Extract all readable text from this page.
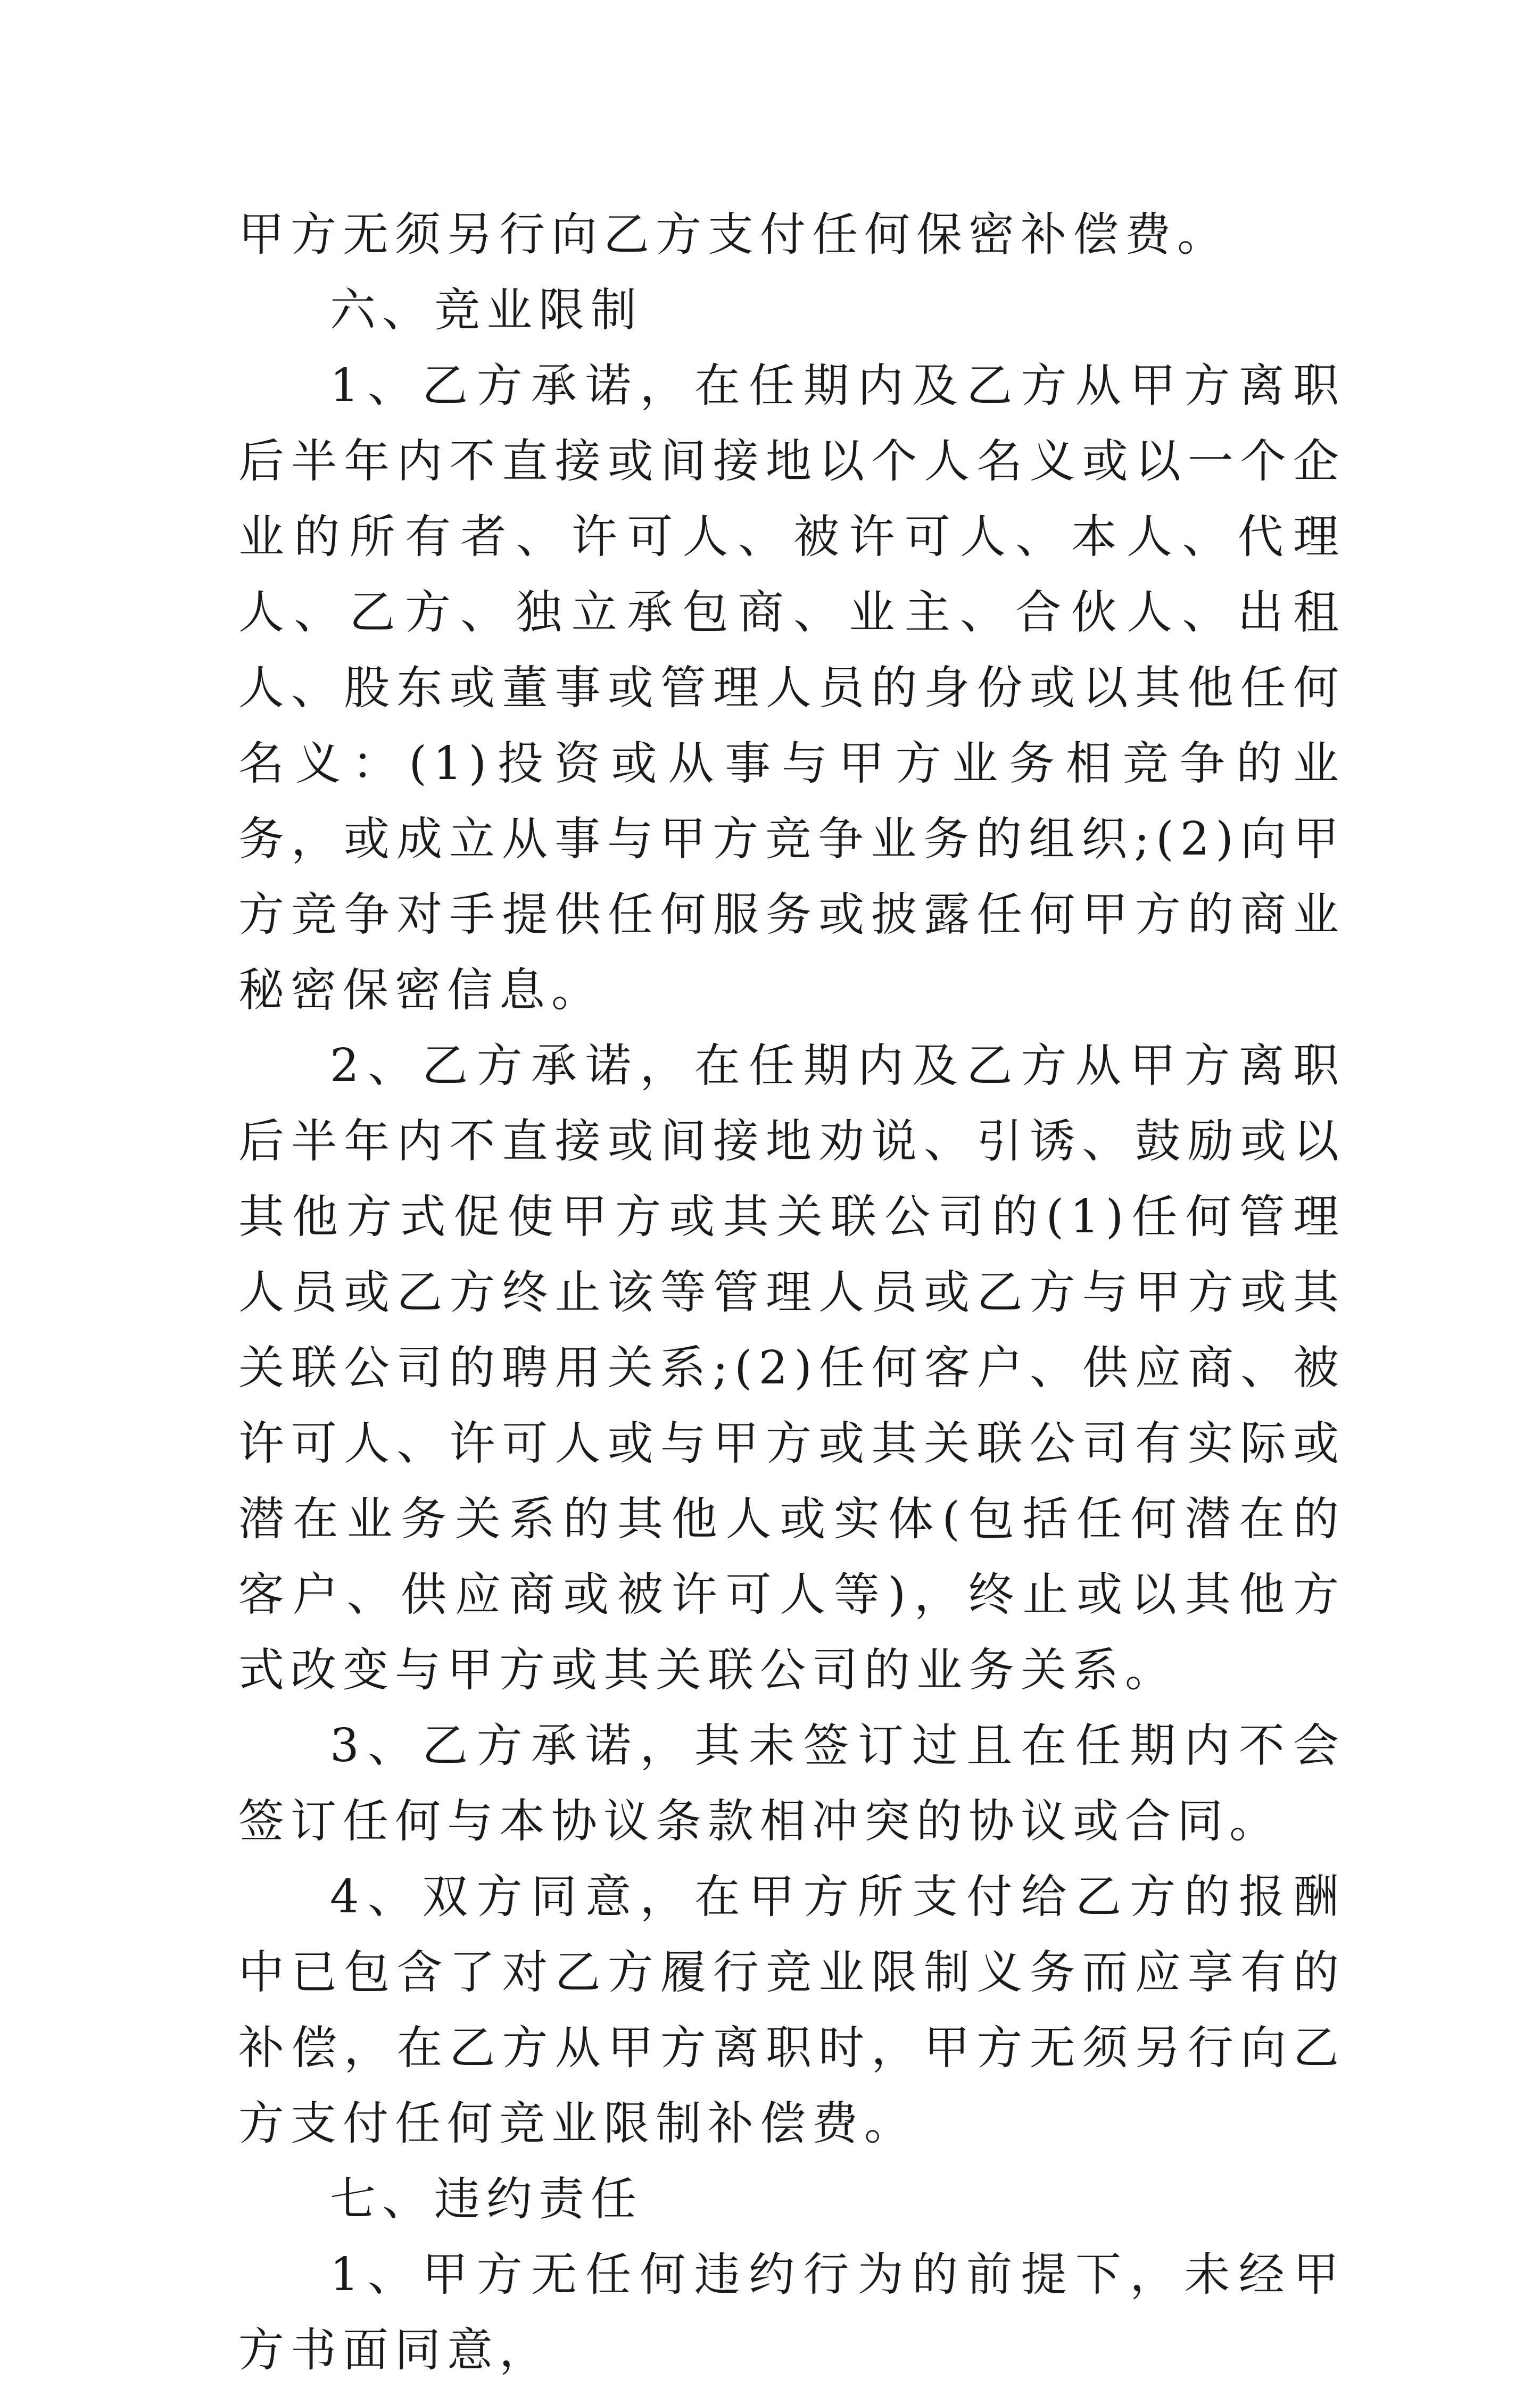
甲方无须另行向乙方支付任何保密补偿费。

六、竞业限制

1、乙方承诺，在任期内及乙方从甲方离职后半年内不直接或间接地以个人名义或以一个企业的所有者、许可人、被许可人、本人、代理人、乙方、独立承包商、业主、合伙人、出租人、股东或董事或管理人员的身份或以其他任何名义：(1)投资或从事与甲方业务相竞争的业务，或成立从事与甲方竞争业务的组织;(2)向甲方竞争对手提供任何服务或披露任何甲方的商业秘密保密信息。

2、乙方承诺，在任期内及乙方从甲方离职后半年内不直接或间接地劝说、引诱、鼓励或以其他方式促使甲方或其关联公司的(1)任何管理人员或乙方终止该等管理人员或乙方与甲方或其关联公司的聘用关系;(2)任何客户、供应商、被许可人、许可人或与甲方或其关联公司有实际或潜在业务关系的其他人或实体(包括任何潜在的客户、供应商或被许可人等)，终止或以其他方式改变与甲方或其关联公司的业务关系。

3、乙方承诺，其未签订过且在任期内不会签订任何与本协议条款相冲突的协议或合同。

4、双方同意，在甲方所支付给乙方的报酬中已包含了对乙方履行竞业限制义务而应享有的补偿，在乙方从甲方离职时，甲方无须另行向乙方支付任何竞业限制补偿费。

七、违约责任

1、甲方无任何违约行为的前提下，未经甲方书面同意，
